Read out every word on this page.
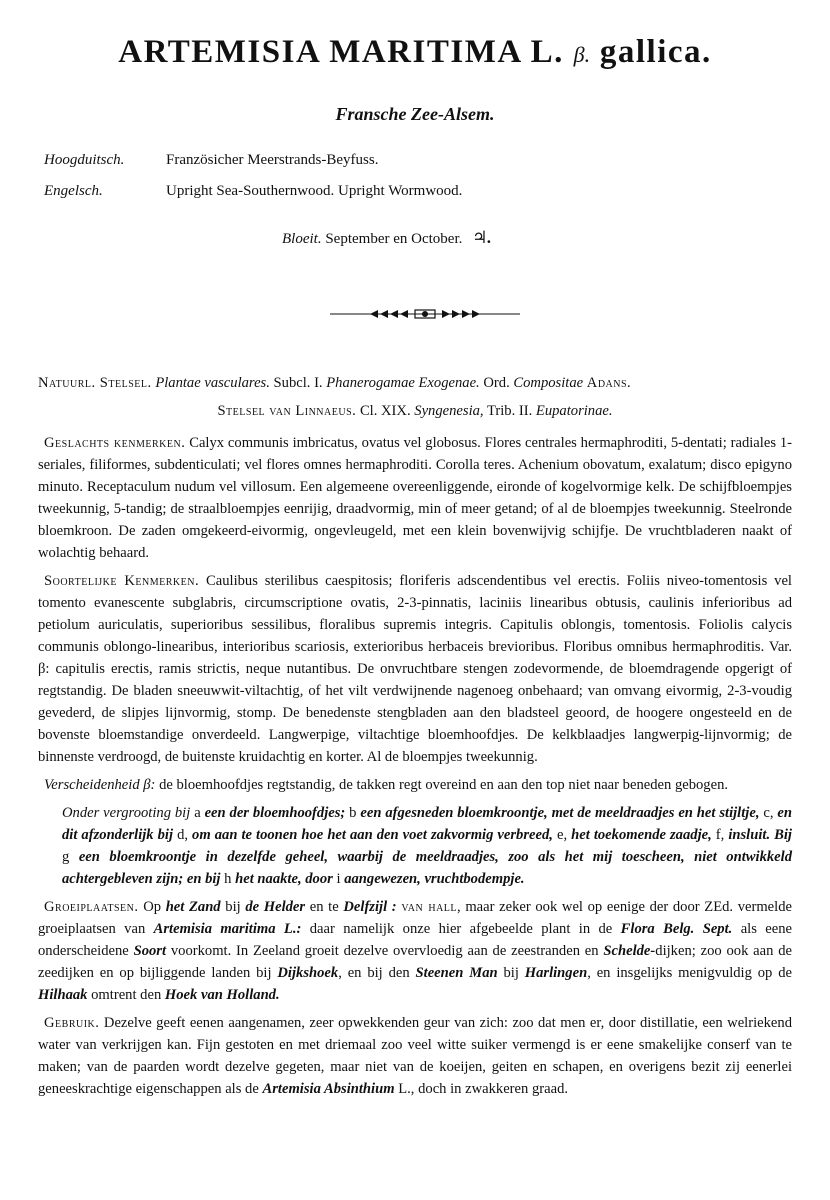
ARTEMISIA MARITIMA L. β. gallica.
Fransche Zee-Alsem.
Hoogduitsch.	Französicher Meerstrands-Beyfuss.
Engelsch.	Upright Sea-Southernwood. Upright Wormwood.
Bloeit. September en October. ♃.

Natuurl. Stelsel. Plantae vasculares. Subcl. I. Phanerogamae Exogenae. Ord. Compositae Adans.

Stelsel van Linnaeus. Cl. XIX. Syngenesia, Trib. II. Eupatorinae.

Geslachts kenmerken. Calyx communis imbricatus, ovatus vel globosus. Flores centrales hermaphroditi, 5-dentati; radiales 1-seriales, filiformes, subdenticulati; vel flores omnes hermaphroditi. Corolla teres. Achenium obovatum, exalatum; disco epigyno minuto. Receptaculum nudum vel villosum. Een algemeene overeenliggende, eironde of kogelvormige kelk. De schijfbloempjes tweekunnig, 5-tandig; de straalbloempjes eenrijig, draadvormig, min of meer getand; of al de bloempjes tweekunnig. Steelronde bloemkroon. De zaden omgekeerd-eivormig, ongevleugeld, met een klein bovenwijvig schijfje. De vruchtbladeren naakt of wolachtig behaard.

Soortelijke Kenmerken. Caulibus sterilibus caespitosis; floriferis adscendentibus vel erectis. Foliis niveo-tomentosis vel tomento evanescente subglabris, circumscriptione ovatis, 2-3-pinnatis, laciniis linearibus obtusis, caulinis inferioribus ad petiolum auriculatis, superioribus sessilibus, floralibus supremis integris. Capitulis oblongis, tomentosis. Foliolis calycis communis oblongo-linearibus, interioribus scariosis, exterioribus herbaceis brevioribus. Floribus omnibus hermaphroditis. Var. β: capitulis erectis, ramis strictis, neque nutantibus. De onvruchtbare stengen zodevormende, de bloemdragende opgerigt of regtstandig. De bladen sneeuwwit-viltachtig, of het vilt verdwijnende nagenoeg onbehaard; van omvang eivormig, 2-3-voudig gevederd, de slipjes lijnvormig, stomp. De benedenste stengbladen aan den bladsteel geoord, de hoogere ongesteeld en de bovenste bloemstandige onverdeeld. Langwerpige, viltachtige bloemhoofdjes. De kelkblaadjes langwerpig-lijnvormig; de binnenste verdroogd, de buitenste kruidachtig en korter. Al de bloempjes tweekunnig.

Verscheidenheid β: de bloemhoofdjes regtstandig, de takken regt overeind en aan den top niet naar beneden gebogen.

Onder vergrooting bij a een der bloemhoofdjes; b een afgesneden bloemkroontje, met de meeldraadjes en het stijltje, c, en dit afzonderlijk bij d, om aan te toonen hoe het aan den voet zakvormig verbreed, e, het toekomende zaadje, f, insluit. Bij g een bloemkroontje in dezelfde geheel, waarbij de meeldraadjes, zoo als het mij toescheen, niet ontwikkeld achtergebleven zijn; en bij h het naakte, door i aangewezen, vruchtbodempje.

Groeiplaatsen. Op het Zand bij de Helder en te Delfzijl : van hall, maar zeker ook wel op eenige der door ZEd. vermelde groeiplaatsen van Artemisia maritima L.: daar namelijk onze hier afgebeelde plant in de Flora Belg. Sept. als eene onderscheidene Soort voorkomt. In Zeeland groeit dezelve overvloedig aan de zeestranden en Schelde-dijken; zoo ook aan de zeedijken en op bijliggende landen bij Dijkshoek, en bij den Steenen Man bij Harlingen, en insgelijks menigvuldig op de Hilhaak omtrent den Hoek van Holland.

Gebruik. Dezelve geeft eenen aangenamen, zeer opwekkenden geur van zich: zoo dat men er, door distillatie, een welriekend water van verkrijgen kan. Fijn gestoten en met driemaal zoo veel witte suiker vermengd is er eene smakelijke conserf van te maken; van de paarden wordt dezelve gegeten, maar niet van de koeijen, geiten en schapen, en overigens bezit zij eenerlei geneeskrachtige eigenschappen als de Artemisia Absinthium L., doch in zwakkeren graad.
